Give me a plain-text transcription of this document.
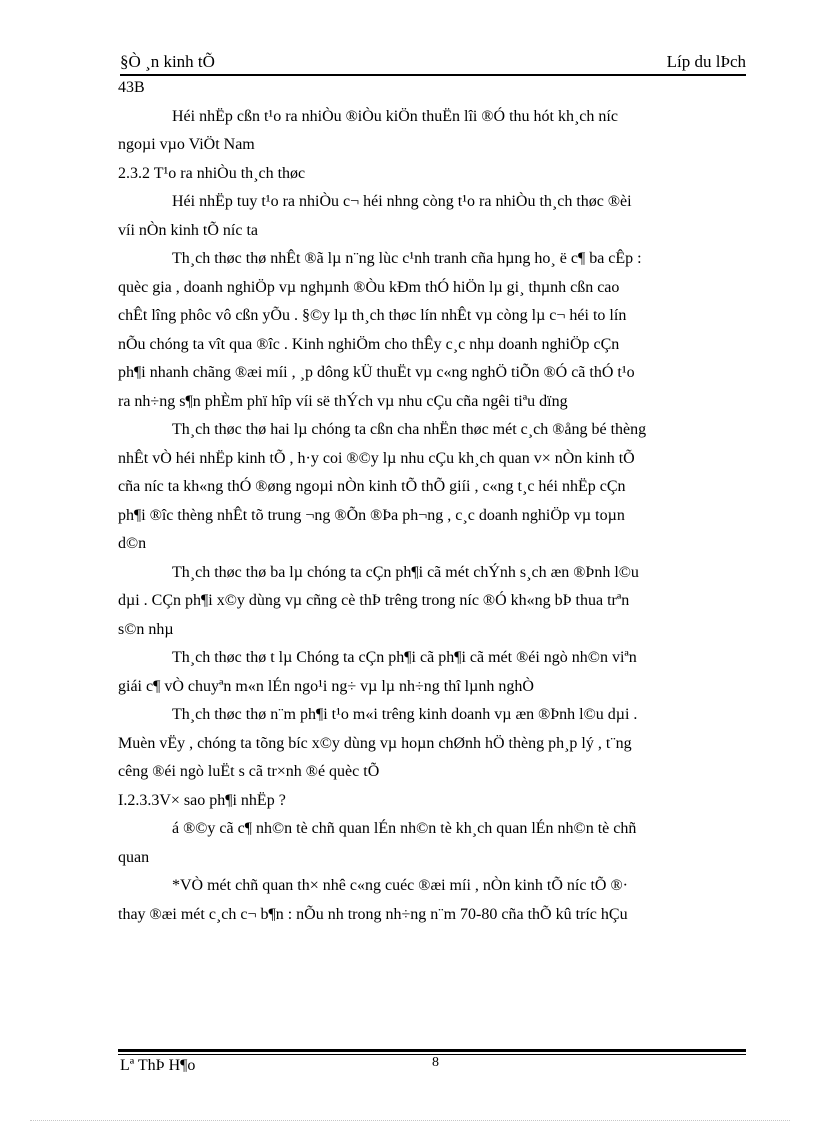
§Ò ¸n kinh tÕ	Líp du lÞch
43B
Héi nhËp cßn t¹o ra nhiÒu ®iÒu kiÖn thuËn lîi ®Ó thu hót kh¸ch níc
ngoµi vµo ViÖt Nam
2.3.2 T¹o ra nhiÒu th¸ch thøc
Héi nhËp tuy t¹o ra nhiÒu c¬ héi nhng còng t¹o ra nhiÒu th¸ch thøc ®èi
víi nÒn kinh tÕ níc ta
Th¸ch thøc thø nhÊt ®ã lµ n¨ng lùc c¹nh tranh cña hµng ho¸ ë c¶ ba cÊp :
quèc gia , doanh nghiÖp vµ nghµnh ®Òu kÐm thÓ hiÖn lµ gi¸ thµnh cßn cao
chÊt lîng phôc vô cßn yÕu . §©y lµ th¸ch thøc lín nhÊt vµ còng lµ c¬ héi to lín
nÕu chóng ta vît qua ®îc . Kinh nghiÖm cho thÊy c¸c nhµ doanh nghiÖp cÇn
ph¶i nhanh chãng ®æi míi , ¸p dông kÜ thuËt vµ c«ng nghÖ tiÕn ®Ó cã thÓ t¹o
ra nh÷ng s¶n phÈm phï hîp víi së thÝch vµ nhu cÇu cña ngêi tiªu dïng
Th¸ch thøc thø hai lµ chóng ta cßn cha nhËn thøc mét c¸ch ®ång bé thèng
nhÊt vÒ héi nhËp kinh tÕ , h·y coi ®©y lµ nhu cÇu kh¸ch quan v× nÒn kinh tÕ
cña níc ta kh«ng thÓ ®øng ngoµi nÒn kinh tÕ thÕ giíi , c«ng t¸c héi nhËp cÇn
ph¶i ®îc thèng nhÊt tõ trung ¬ng ®Õn ®Þa ph¬ng , c¸c doanh nghiÖp vµ toµn
d©n
Th¸ch thøc thø ba lµ chóng ta cÇn ph¶i cã mét chÝnh s¸ch æn ®Þnh l©u
dµi . CÇn ph¶i x©y dùng vµ cñng cè thÞ trêng trong níc ®Ó kh«ng bÞ thua trªn
s©n nhµ
Th¸ch thøc thø t lµ Chóng ta cÇn ph¶i cã ph¶i cã mét ®éi ngò nh©n viªn
giái c¶ vÒ chuyªn m«n lÉn ngo¹i ng÷ vµ lµ nh÷ng thî lµnh nghÒ
Th¸ch thøc thø n¨m ph¶i t¹o m«i trêng kinh doanh vµ æn ®Þnh l©u dµi .
Muèn vËy , chóng ta tõng bíc x©y dùng vµ hoµn chØnh hÖ thèng ph¸p lý , t¨ng
cêng ®éi ngò luËt s cã tr×nh ®é quèc tÕ
I.2.3.3V× sao ph¶i nhËp ?
á ®©y cã c¶ nh©n tè chñ quan lÉn nh©n tè kh¸ch quan lÉn nh©n tè chñ
quan
*VÒ mét chñ quan th× nhê c«ng cuéc ®æi míi , nÒn kinh tÕ níc tÕ ®·
thay ®æi mét c¸ch c¬ b¶n : nÕu nh trong nh÷ng n¨m 70-80 cña thÕ kû tríc hÇu
Lª ThÞ H¶o	8
